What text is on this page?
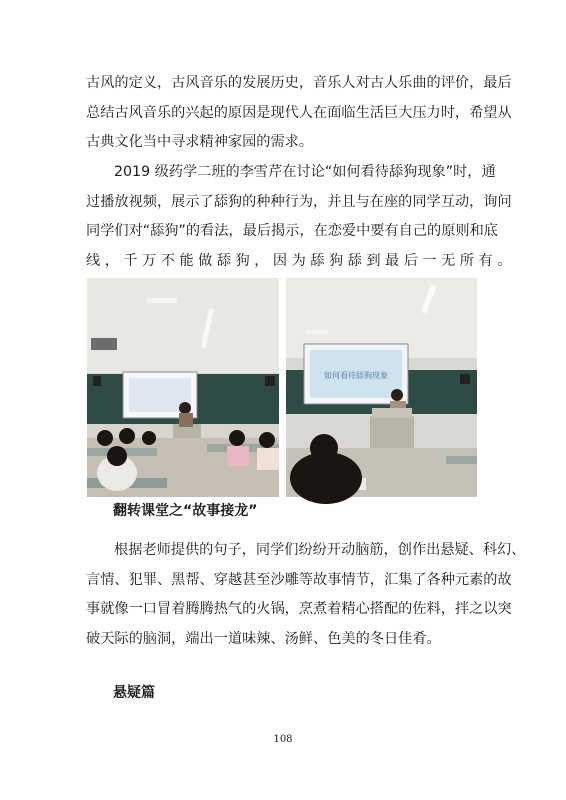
古风的定义，古风音乐的发展历史，音乐人对古人乐曲的评价，最后
总结古风音乐的兴起的原因是现代人在面临生活巨大压力时，希望从
古典文化当中寻求精神家园的需求。
2019 级药学二班的李雪芹在讨论“如何看待舔狗现象”时，通
过播放视频，展示了舔狗的种种行为，并且与在座的同学互动，询问
同学们对“舔狗”的看法，最后揭示，在恋爱中要有自己的原则和底
线，千万不能做舔狗，因为舔狗舔到最后一无所有。
如何看待舔狗现象
翻转课堂之“故事接龙”
根据老师提供的句子，同学们纷纷开动脑筋，创作出悬疑、科幻、
言情、犯罪、黑帮、穿越甚至沙雕等故事情节，汇集了各种元素的故
事就像一口冒着腾腾热气的火锅，烹煮着精心搭配的佐料，拌之以突
破天际的脑洞，端出一道味辣、汤鲜、色美的冬日佳肴。
悬疑篇
108
